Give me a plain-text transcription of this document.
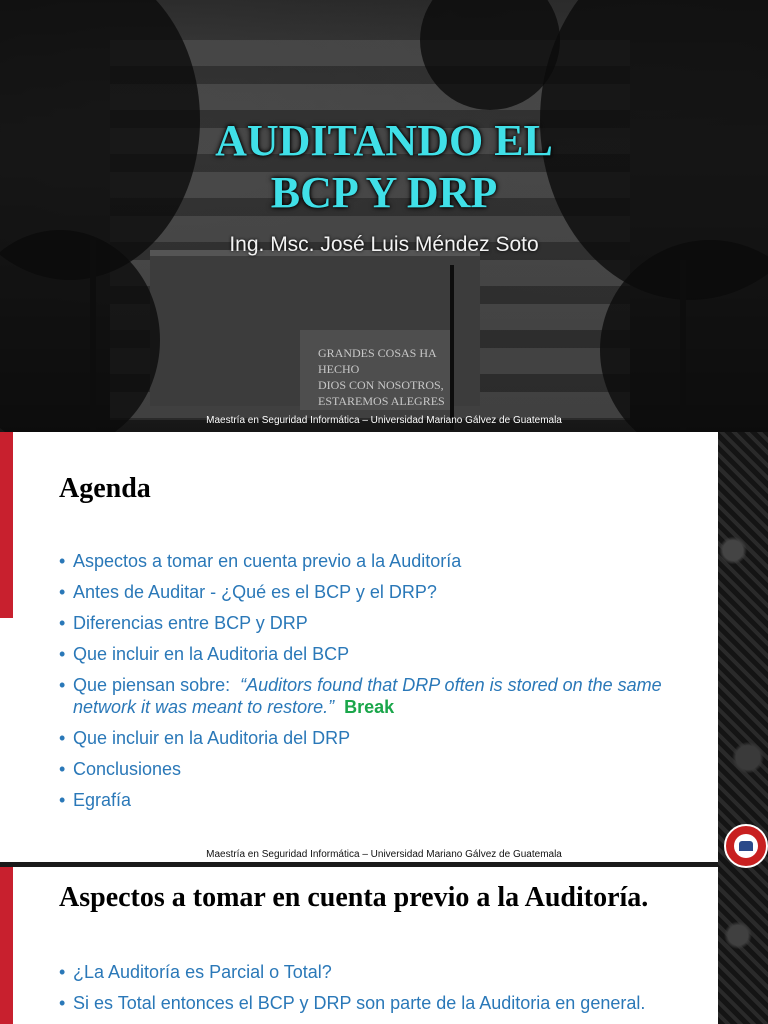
GRANDES COSAS HA HECHO
DIOS CON NOSOTROS,
ESTAREMOS ALEGRES
AUDITANDO EL
BCP Y DRP
Ing. Msc. José Luis Méndez Soto
Maestría en Seguridad Informática – Universidad Mariano Gálvez de Guatemala
Agenda
• Aspectos a tomar en cuenta previo a la Auditoría
• Antes de Auditar - ¿Qué es el BCP y el DRP?
• Diferencias entre BCP y DRP
• Que incluir en la Auditoria del BCP
• Que piensan sobre: “Auditors found that DRP often is stored on the same network it was meant to restore.” Break
• Que incluir en la Auditoria del DRP
• Conclusiones
• Egrafía
Maestría en Seguridad Informática – Universidad Mariano Gálvez de Guatemala
Aspectos a tomar en cuenta previo a la Auditoría.
• ¿La Auditoría es Parcial o Total?
• Si es Total entonces el BCP y DRP son parte de la Auditoria en general.
